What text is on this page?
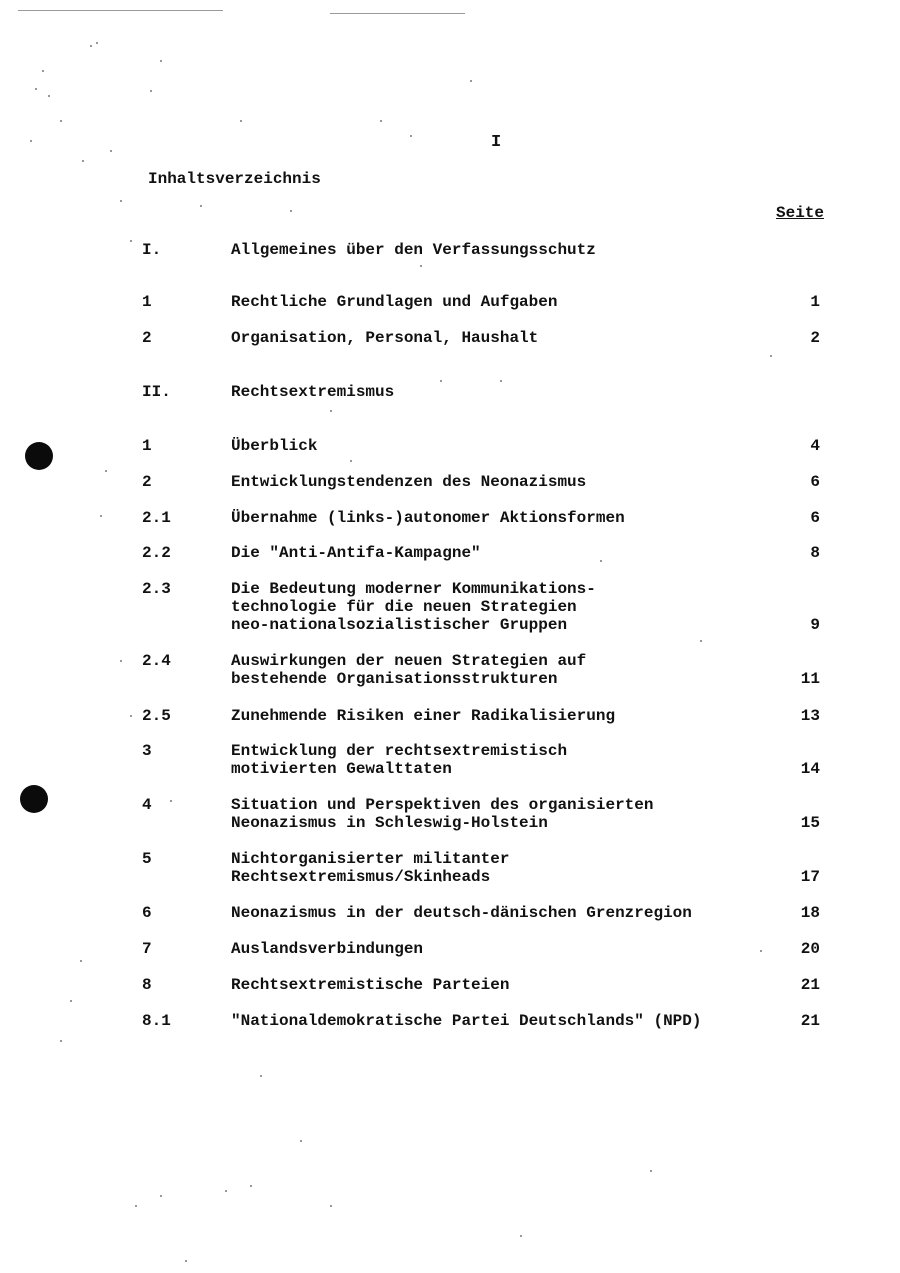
I
Inhaltsverzeichnis
Seite
I.	Allgemeines über den Verfassungsschutz
1	Rechtliche Grundlagen und Aufgaben	1
2	Organisation, Personal, Haushalt	2
II.	Rechtsextremismus
1	Überblick	4
2	Entwicklungstendenzen des Neonazismus	6
2.1	Übernahme (links-)autonomer Aktionsformen	6
2.2	Die "Anti-Antifa-Kampagne"	8
2.3	Die Bedeutung moderner Kommunikations-
technologie für die neuen Strategien
neo-nationalsozialistischer Gruppen	9
2.4	Auswirkungen der neuen Strategien auf
bestehende Organisationsstrukturen	11
2.5	Zunehmende Risiken einer Radikalisierung	13
3	Entwicklung der rechtsextremistisch
motivierten Gewalttaten	14
4	Situation und Perspektiven des organisierten
Neonazismus in Schleswig-Holstein	15
5	Nichtorganisierter militanter
Rechtsextremismus/Skinheads	17
6	Neonazismus in der deutsch-dänischen Grenzregion	18
7	Auslandsverbindungen	20
8	Rechtsextremistische Parteien	21
8.1	"Nationaldemokratische Partei Deutschlands" (NPD)	21
